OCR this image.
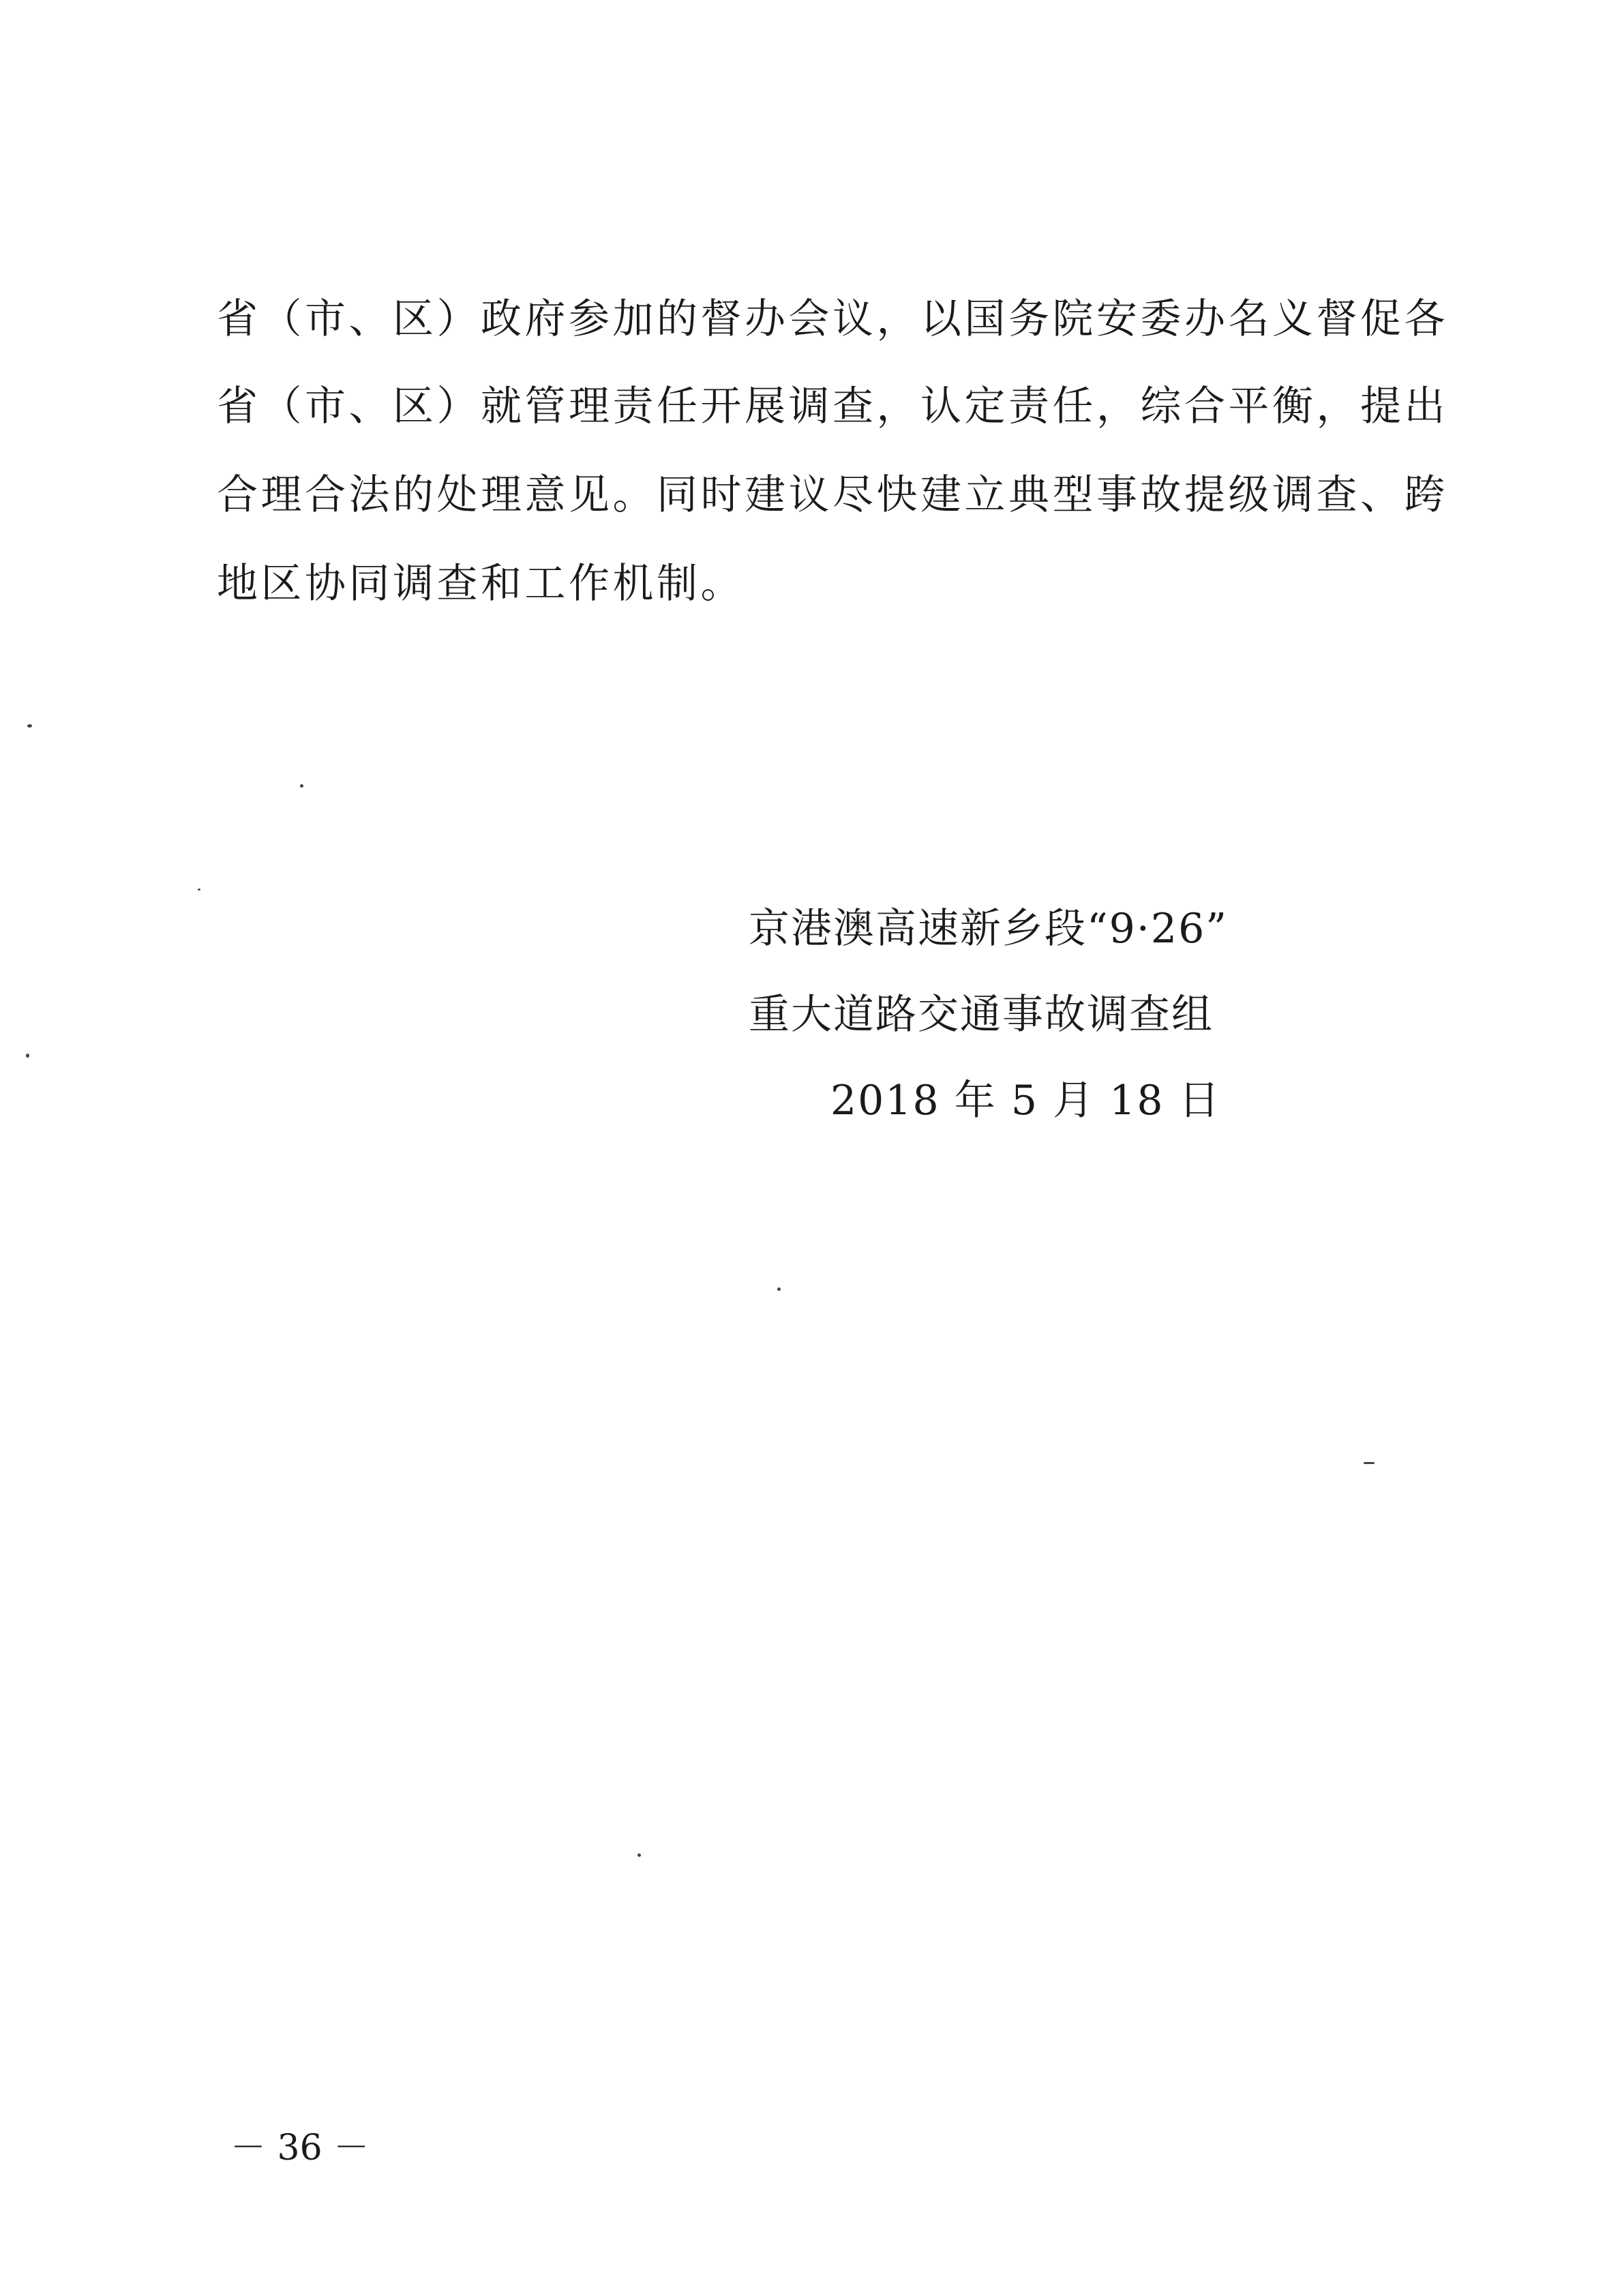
省（市、区）政府参加的督办会议，以国务院安委办名义督促各
省（市、区）就管理责任开展调查，认定责任，综合平衡，提出
合理合法的处理意见。同时建议尽快建立典型事故提级调查、跨
地区协同调查和工作机制。
京港澳高速新乡段“9·26”
重大道路交通事故调查组
2018 年 5 月 18 日
－ 36 －
